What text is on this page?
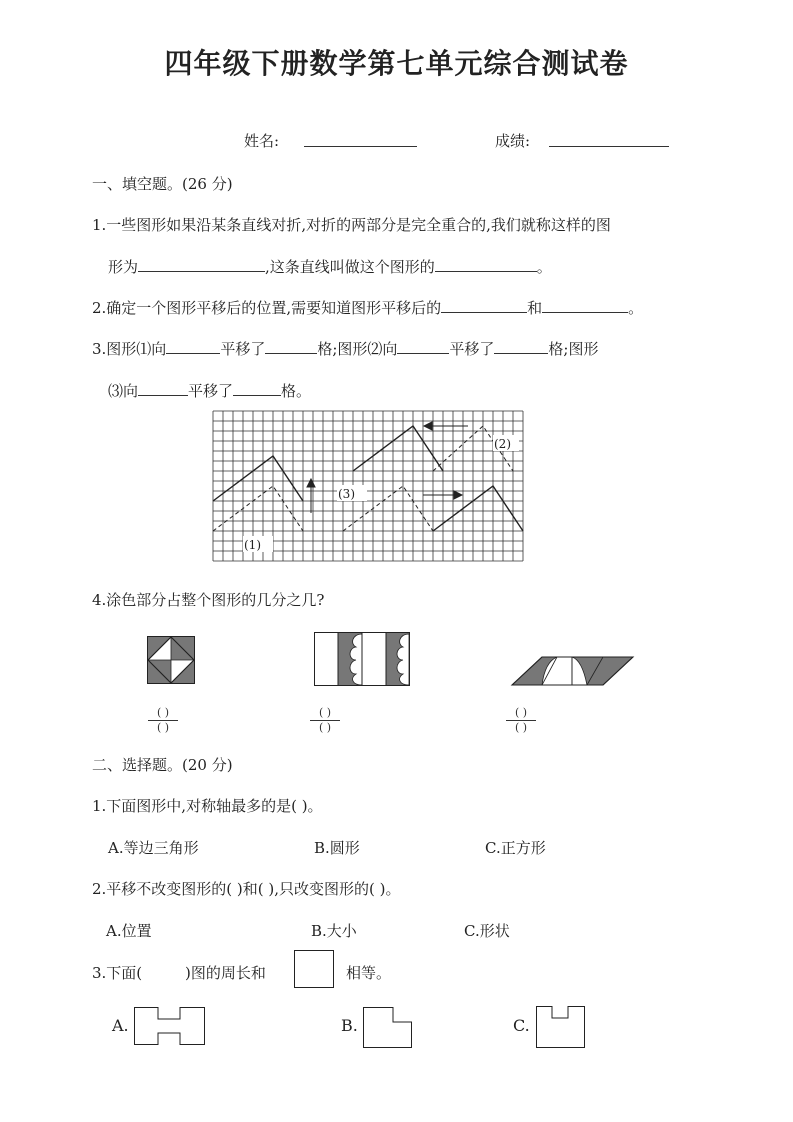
四年级下册数学第七单元综合测试卷
姓名:	成绩:
一、填空题。(26 分)
1.一些图形如果沿某条直线对折,对折的两部分是完全重合的,我们就称这样的图
形为	,这条直线叫做这个图形的	。
2.确定一个图形平移后的位置,需要知道图形平移后的	和	。
3.图形⑴向	平移了	格;图形⑵向	平移了	格;图形
⑶向	平移了	格。
(2)
(3)
(1)
4.涂色部分占整个图形的几分之几?
( )
( )
( )
( )
( )
( )
二、选择题。(20 分)
1.下面图形中,对称轴最多的是( )。
A.等边三角形	B.圆形	C.正方形
2.平移不改变图形的( )和( ),只改变图形的( )。
A.位置	B.大小	C.形状
3.下面(	)图的周长和	相等。
A.	B.	C.
